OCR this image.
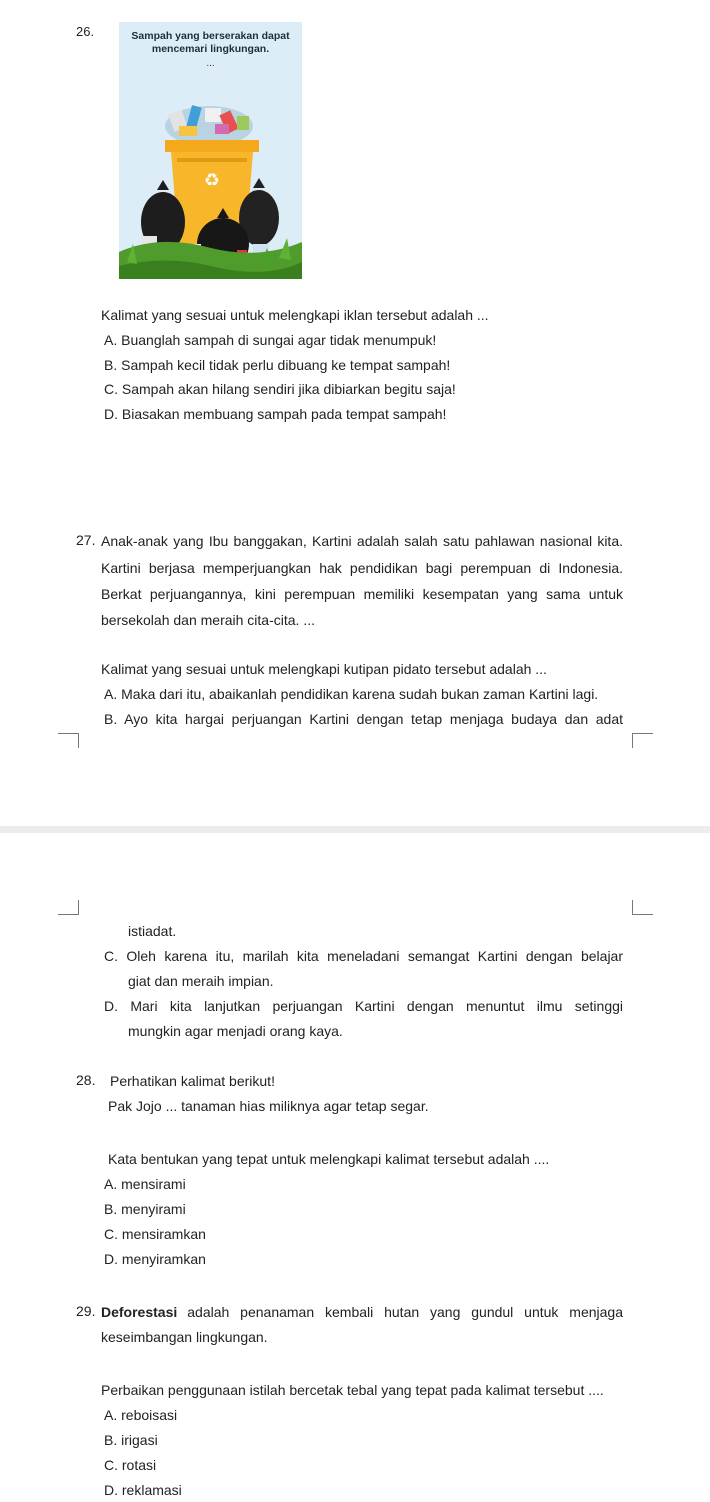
26.	Sampah yang berserakan dapat
mencemari lingkungan.
...
♻
Kalimat yang sesuai untuk melengkapi iklan tersebut adalah ...
A. Buanglah sampah di sungai agar tidak menumpuk!
B. Sampah kecil tidak perlu dibuang ke tempat sampah!
C. Sampah akan hilang sendiri jika dibiarkan begitu saja!
D. Biasakan membuang sampah pada tempat sampah!
27. Anak-anak yang Ibu banggakan, Kartini adalah salah satu pahlawan nasional kita.
Kartini berjasa memperjuangkan hak pendidikan bagi perempuan di Indonesia.
Berkat perjuangannya, kini perempuan memiliki kesempatan yang sama untuk
bersekolah dan meraih cita-cita. ...
Kalimat yang sesuai untuk melengkapi kutipan pidato tersebut adalah ...
A. Maka dari itu, abaikanlah pendidikan karena sudah bukan zaman Kartini lagi.
B. Ayo kita hargai perjuangan Kartini dengan tetap menjaga budaya dan adat
istiadat.
C. Oleh karena itu, marilah kita meneladani semangat Kartini dengan belajar
giat dan meraih impian.
D. Mari kita lanjutkan perjuangan Kartini dengan menuntut ilmu setinggi
mungkin agar menjadi orang kaya.
28. Perhatikan kalimat berikut!
Pak Jojo ... tanaman hias miliknya agar tetap segar.
Kata bentukan yang tepat untuk melengkapi kalimat tersebut adalah ....
A. mensirami
B. menyirami
C. mensiramkan
D. menyiramkan
29. Deforestasi adalah penanaman kembali hutan yang gundul untuk menjaga
keseimbangan lingkungan.
Perbaikan penggunaan istilah bercetak tebal yang tepat pada kalimat tersebut ....
A. reboisasi
B. irigasi
C. rotasi
D. reklamasi
